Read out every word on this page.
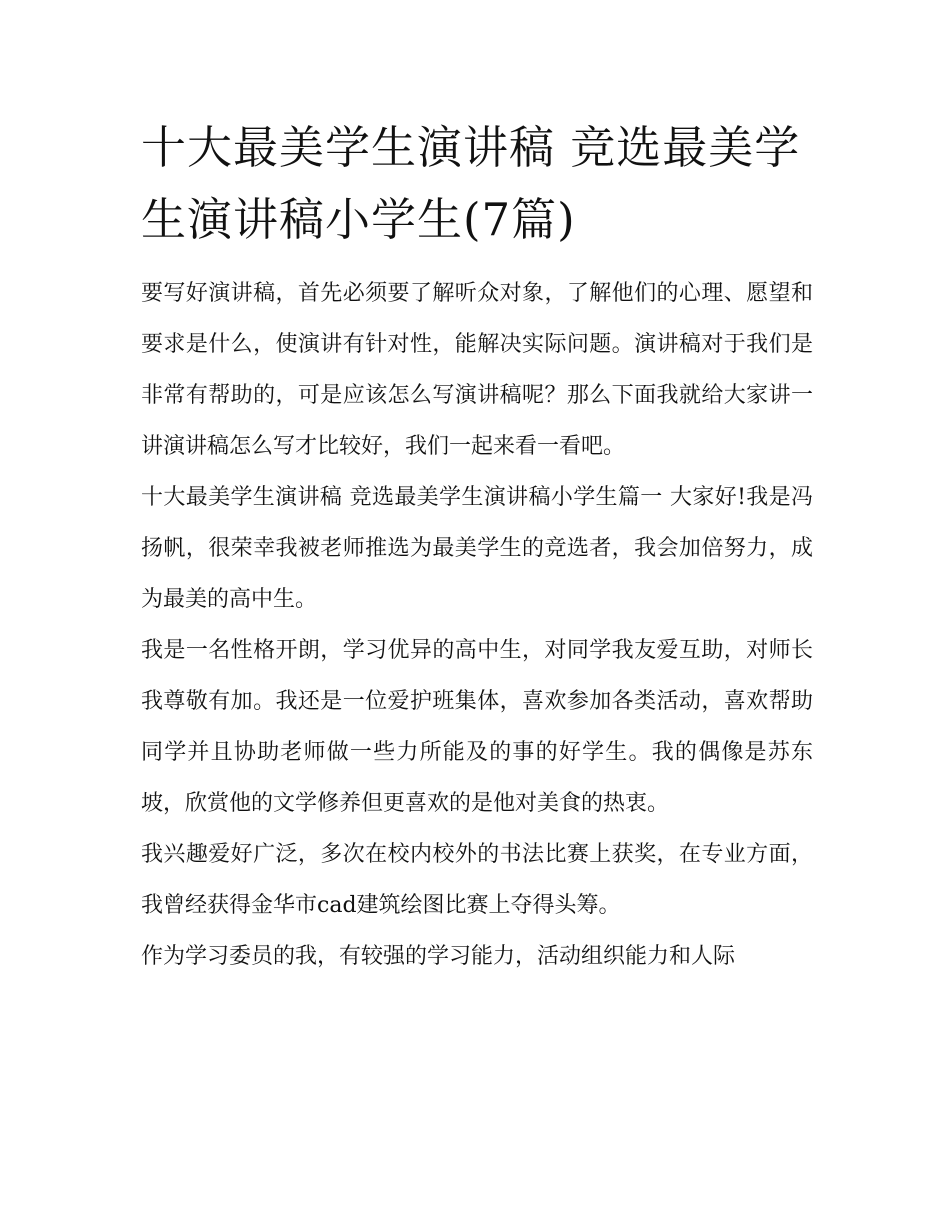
十大最美学生演讲稿 竞选最美学生演讲稿小学生(7篇)

要写好演讲稿，首先必须要了解听众对象，了解他们的心理、愿望和要求是什么，使演讲有针对性，能解决实际问题。演讲稿对于我们是非常有帮助的，可是应该怎么写演讲稿呢？那么下面我就给大家讲一讲演讲稿怎么写才比较好，我们一起来看一看吧。

十大最美学生演讲稿 竞选最美学生演讲稿小学生篇一 大家好!我是冯扬帆，很荣幸我被老师推选为最美学生的竞选者，我会加倍努力，成为最美的高中生。

我是一名性格开朗，学习优异的高中生，对同学我友爱互助，对师长我尊敬有加。我还是一位爱护班集体，喜欢参加各类活动，喜欢帮助同学并且协助老师做一些力所能及的事的好学生。我的偶像是苏东坡，欣赏他的文学修养但更喜欢的是他对美食的热衷。

我兴趣爱好广泛，多次在校内校外的书法比赛上获奖，在专业方面，我曾经获得金华市cad建筑绘图比赛上夺得头筹。

作为学习委员的我，有较强的学习能力，活动组织能力和人际
